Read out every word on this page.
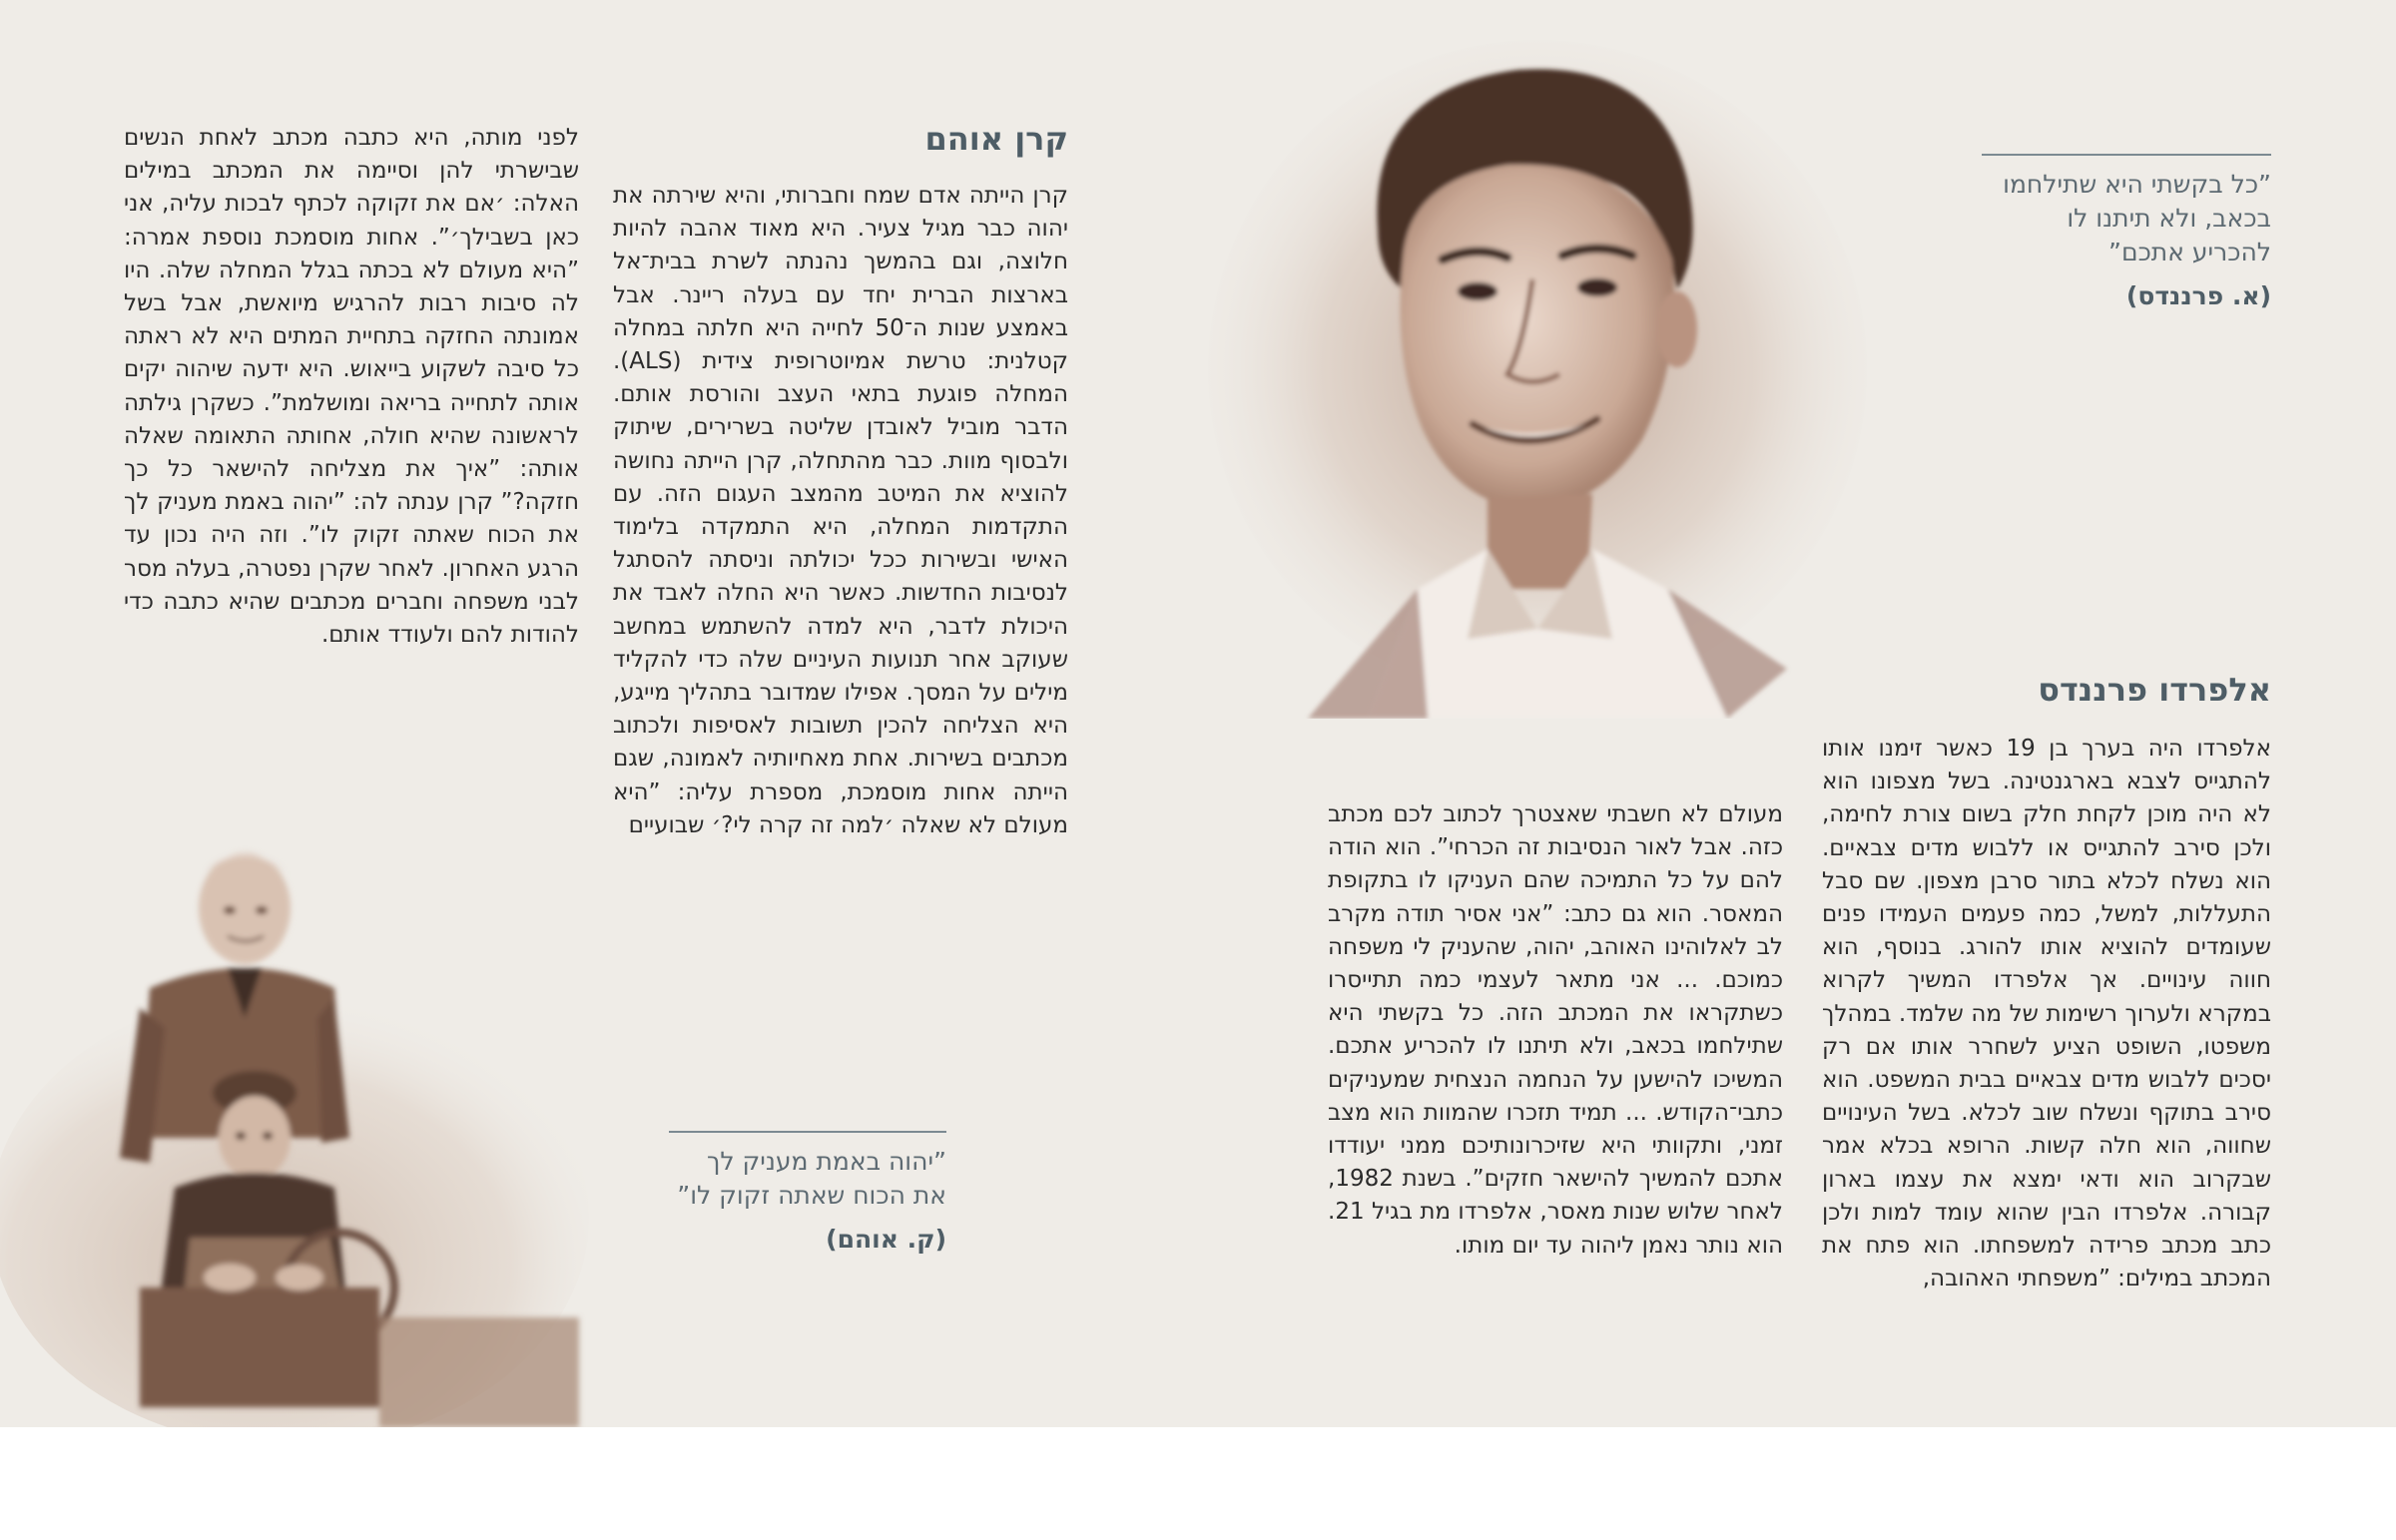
לפני מותה, היא כתבה מכתב לאחת הנשים שבישרתי להן וסיימה את המכתב במילים האלה: ׳אם את זקוקה לכתף לבכות עליה, אני כאן בשבילך׳”. אחות מוסמכת נוספת אמרה: ”היא מעולם לא בכתה בגלל המחלה שלה. היו לה סיבות רבות להרגיש מיואשת, אבל בשל אמונתה החזקה בתחיית המתים היא לא ראתה כל סיבה לשקוע בייאוש. היא ידעה שיהוה יקים אותה לתחייה בריאה ומושלמת”. כשקרן גילתה לראשונה שהיא חולה, אחותה התאומה שאלה אותה: ”איך את מצליחה להישאר כל כך חזקה?” קרן ענתה לה: ”יהוה באמת מעניק לך את הכוח שאתה זקוק לו”. וזה היה נכון עד הרגע האחרון. לאחר שקרן נפטרה, בעלה מסר לבני משפחה וחברים מכתבים שהיא כתבה כדי להודות להם ולעודד אותם.

קרן אוהם

קרן הייתה אדם שמח וחברותי, והיא שירתה את יהוה כבר מגיל צעיר. היא מאוד אהבה להיות חלוצה, וגם בהמשך נהנתה לשרת בבית־אל בארצות הברית יחד עם בעלה ריינר. אבל באמצע שנות ה־50 לחייה היא חלתה במחלה קטלנית: טרשת אמיוטרופית צידית (ALS). המחלה פוגעת בתאי העצב והורסת אותם. הדבר מוביל לאובדן שליטה בשרירים, שיתוק ולבסוף מוות. כבר מהתחלה, קרן הייתה נחושה להוציא את המיטב מהמצב העגום הזה. עם התקדמות המחלה, היא התמקדה בלימוד האישי ובשירות ככל יכולתה וניסתה להסתגל לנסיבות החדשות. כאשר היא החלה לאבד את היכולת לדבר, היא למדה להשתמש במחשב שעוקב אחר תנועות העיניים שלה כדי להקליד מילים על המסך. אפילו שמדובר בתהליך מייגע, היא הצליחה להכין תשובות לאסיפות ולכתוב מכתבים בשירות. אחת מאחיותיה לאמונה, שגם הייתה אחות מוסמכת, מספרת עליה: ”היא מעולם לא שאלה ׳למה זה קרה לי?׳ שבועיים

”יהוה באמת מעניק לך את הכוח שאתה זקוק לו”

(ק. אוהם)

”כל בקשתי היא שתילחמו בכאב, ולא תיתנו לו להכריע אתכם”

(א. פרננדס)
אלפרדו פרננדס

אלפרדו היה בערך בן 19 כאשר זימנו אותו להתגייס לצבא בארגנטינה. בשל מצפונו הוא לא היה מוכן לקחת חלק בשום צורת לחימה, ולכן סירב להתגייס או ללבוש מדים צבאיים. הוא נשלח לכלא בתור סרבן מצפון. שם סבל התעללות, למשל, כמה פעמים העמידו פנים שעומדים להוציא אותו להורג. בנוסף, הוא חווה עינויים. אך אלפרדו המשיך לקרוא במקרא ולערוך רשימות של מה שלמד. במהלך משפטו, השופט הציע לשחרר אותו אם רק יסכים ללבוש מדים צבאיים בבית המשפט. הוא סירב בתוקף ונשלח שוב לכלא. בשל העינויים שחווה, הוא חלה קשות. הרופא בכלא אמר שבקרוב הוא ודאי ימצא את עצמו בארון קבורה. אלפרדו הבין שהוא עומד למות ולכן כתב מכתב פרידה למשפחתו. הוא פתח את המכתב במילים: ”משפחתי האהובה,

מעולם לא חשבתי שאצטרך לכתוב לכם מכתב כזה. אבל לאור הנסיבות זה הכרחי”. הוא הודה להם על כל התמיכה שהם העניקו לו בתקופת המאסר. הוא גם כתב: ”אני אסיר תודה מקרב לב לאלוהינו האוהב, יהוה, שהעניק לי משפחה כמוכם. ... אני מתאר לעצמי כמה תתייסרו כשתקראו את המכתב הזה. כל בקשתי היא שתילחמו בכאב, ולא תיתנו לו להכריע אתכם. המשיכו להישען על הנחמה הנצחית שמעניקים כתבי־הקודש. ... תמיד תזכרו שהמוות הוא מצב זמני, ותקוותי היא שזיכרונותיכם ממני יעודדו אתכם להמשיך להישאר חזקים”. בשנת 1982, לאחר שלוש שנות מאסר, אלפרדו מת בגיל 21. הוא נותר נאמן ליהוה עד יום מותו.
